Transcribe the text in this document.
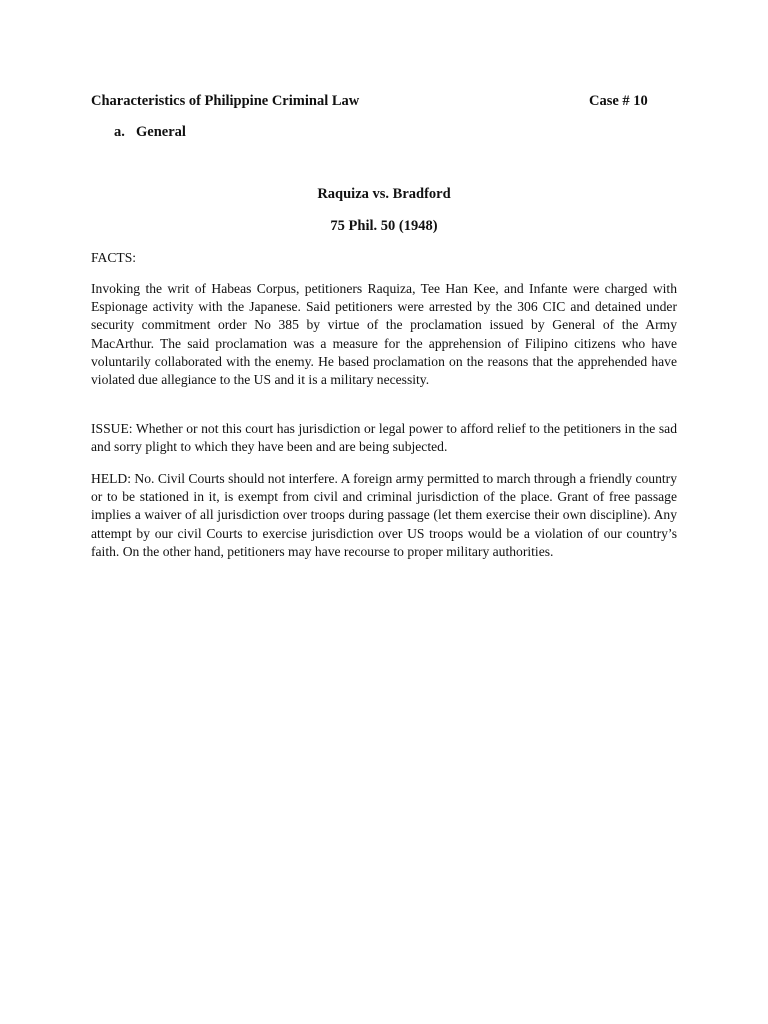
Characteristics of Philippine Criminal Law	Case # 10
a. General
Raquiza vs. Bradford
75 Phil. 50 (1948)
FACTS:
Invoking the writ of Habeas Corpus, petitioners Raquiza, Tee Han Kee, and Infante were charged with Espionage activity with the Japanese. Said petitioners were arrested by the 306 CIC and detained under security commitment order No 385 by virtue of the proclamation issued by General of the Army MacArthur. The said proclamation was a measure for the apprehension of Filipino citizens who have voluntarily collaborated with the enemy. He based proclamation on the reasons that the apprehended have violated due allegiance to the US and it is a military necessity.
ISSUE: Whether or not this court has jurisdiction or legal power to afford relief to the petitioners in the sad and sorry plight to which they have been and are being subjected.
HELD: No. Civil Courts should not interfere. A foreign army permitted to march through a friendly country or to be stationed in it, is exempt from civil and criminal jurisdiction of the place. Grant of free passage implies a waiver of all jurisdiction over troops during passage (let them exercise their own discipline). Any attempt by our civil Courts to exercise jurisdiction over US troops would be a violation of our country’s faith. On the other hand, petitioners may have recourse to proper military authorities.
